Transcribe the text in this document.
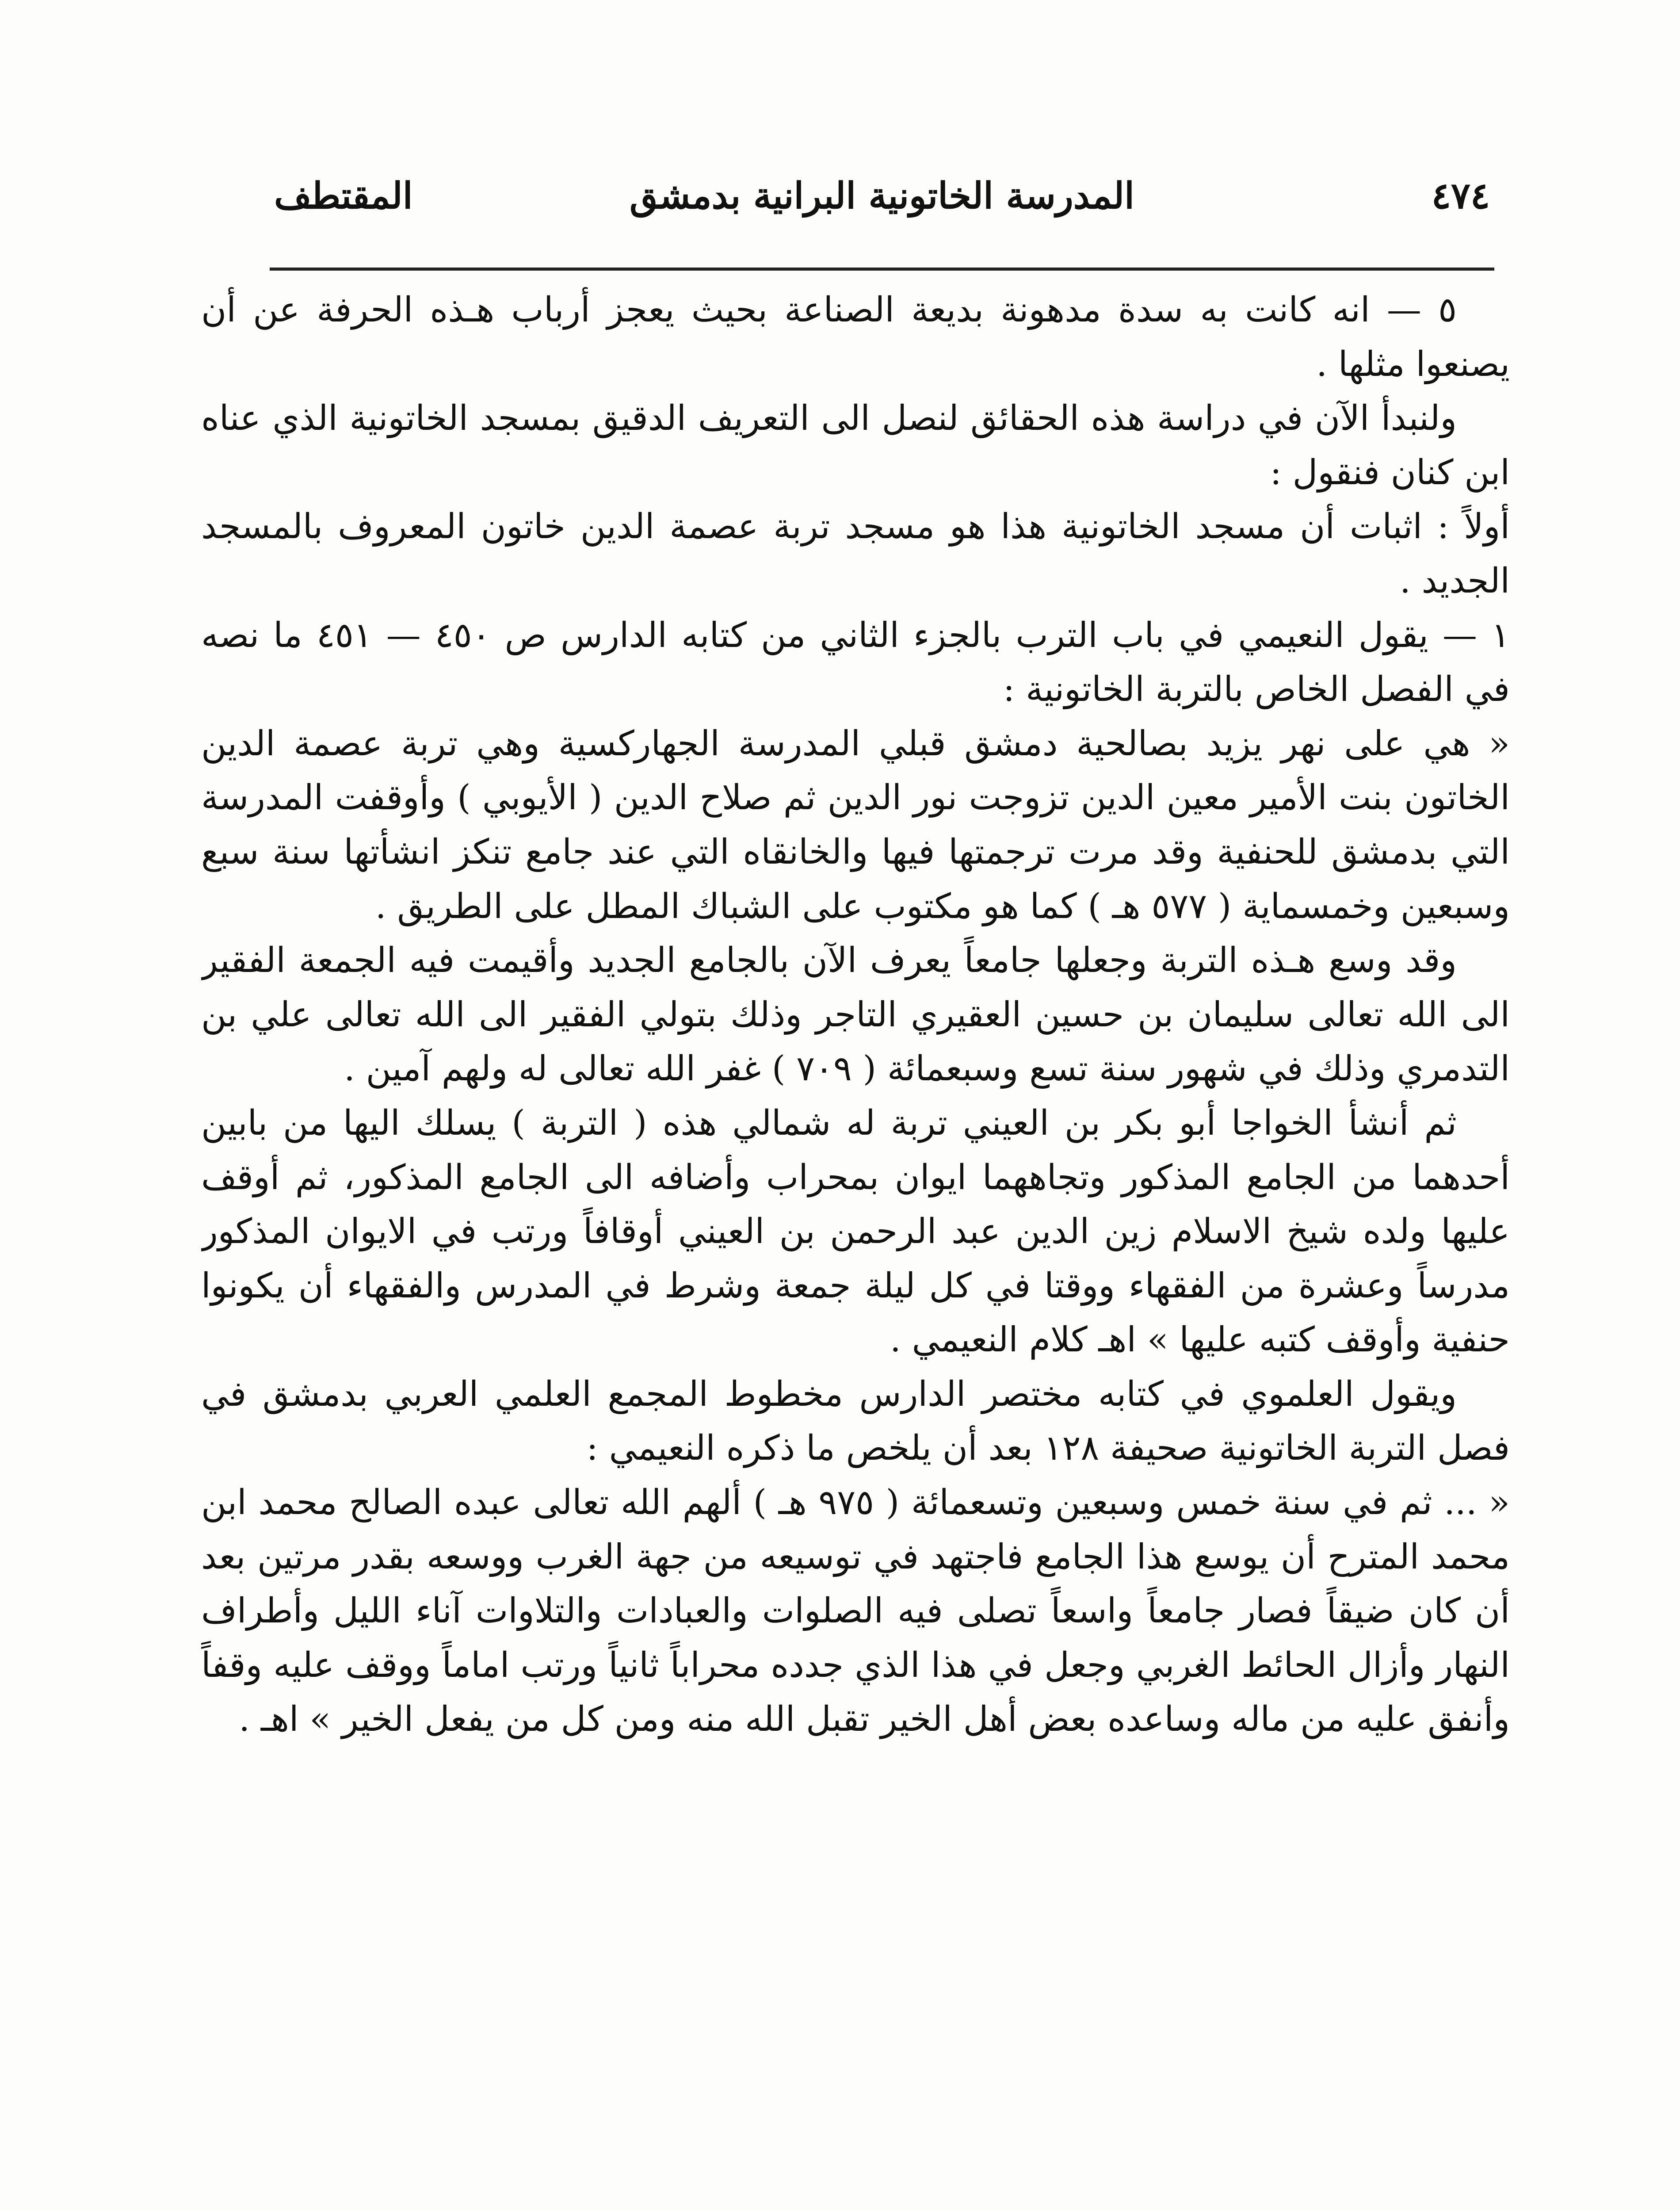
٤٧٤
المدرسة الخاتونية البرانية بدمشق
المقتطف

٥ — انه كانت به سدة مدهونة بديعة الصناعة بحيث يعجز أرباب هـذه الحرفة عن أن يصنعوا مثلها .

ولنبدأ الآن في دراسة هذه الحقائق لنصل الى التعريف الدقيق بمسجد الخاتونية الذي عناه ابن كنان فنقول :

أولاً : اثبات أن مسجد الخاتونية هذا هو مسجد تربة عصمة الدين خاتون المعروف بالمسجد الجديد .

١ — يقول النعيمي في باب الترب بالجزء الثاني من كتابه الدارس ص ٤٥٠ — ٤٥١ ما نصه في الفصل الخاص بالتربة الخاتونية :

« هي على نهر يزيد بصالحية دمشق قبلي المدرسة الجهاركسية وهي تربة عصمة الدين الخاتون بنت الأمير معين الدين تزوجت نور الدين ثم صلاح الدين ( الأيوبي ) وأوقفت المدرسة التي بدمشق للحنفية وقد مرت ترجمتها فيها والخانقاه التي عند جامع تنكز انشأتها سنة سبع وسبعين وخمسماية ( ٥٧٧ هـ ) كما هو مكتوب على الشباك المطل على الطريق .

وقد وسع هـذه التربة وجعلها جامعاً يعرف الآن بالجامع الجديد وأقيمت فيه الجمعة الفقير الى الله تعالى سليمان بن حسين العقيري التاجر وذلك بتولي الفقير الى الله تعالى علي بن التدمري وذلك في شهور سنة تسع وسبعمائة ( ٧٠٩ ) غفر الله تعالى له ولهم آمين .

ثم أنشأ الخواجا أبو بكر بن العيني تربة له شمالي هذه ( التربة ) يسلك اليها من بابين أحدهما من الجامع المذكور وتجاههما ايوان بمحراب وأضافه الى الجامع المذكور، ثم أوقف عليها ولده شيخ الاسلام زين الدين عبد الرحمن بن العيني أوقافاً ورتب في الايوان المذكور مدرساً وعشرة من الفقهاء ووقتا في كل ليلة جمعة وشرط في المدرس والفقهاء أن يكونوا حنفية وأوقف كتبه عليها » اهـ كلام النعيمي .

ويقول العلموي في كتابه مختصر الدارس مخطوط المجمع العلمي العربي بدمشق في فصل التربة الخاتونية صحيفة ١٢٨ بعد أن يلخص ما ذكره النعيمي :

« ... ثم في سنة خمس وسبعين وتسعمائة ( ٩٧٥ هـ ) ألهم الله تعالى عبده الصالح محمد ابن محمد المترح أن يوسع هذا الجامع فاجتهد في توسيعه من جهة الغرب ووسعه بقدر مرتين بعد أن كان ضيقاً فصار جامعاً واسعاً تصلى فيه الصلوات والعبادات والتلاوات آناء الليل وأطراف النهار وأزال الحائط الغربي وجعل في هذا الذي جدده محراباً ثانياً ورتب اماماً ووقف عليه وقفاً وأنفق عليه من ماله وساعده بعض أهل الخير تقبل الله منه ومن كل من يفعل الخير » اهـ .
